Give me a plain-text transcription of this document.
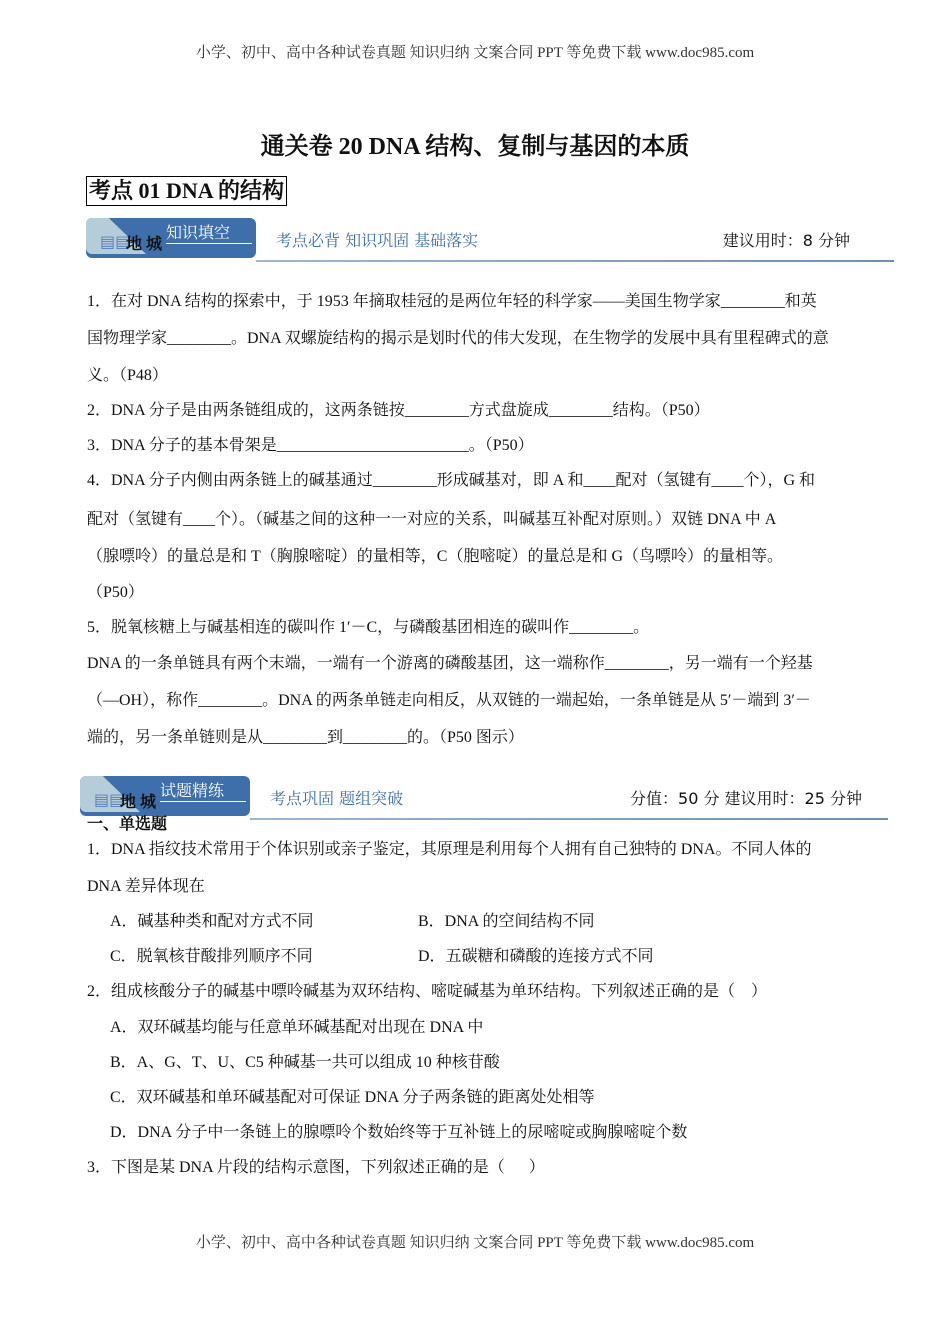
小学、初中、高中各种试卷真题 知识归纳 文案合同 PPT 等免费下载 www.doc985.com
通关卷 20 DNA 结构、复制与基因的本质
考点 01 DNA 的结构
▤▤
地 城
知识填空	考点必背 知识巩固 基础落实	建议用时：8 分钟
1．在对 DNA 结构的探索中，于 1953 年摘取桂冠的是两位年轻的科学家——美国生物学家________和英
国物理学家________。DNA 双螺旋结构的揭示是划时代的伟大发现，在生物学的发展中具有里程碑式的意
义。（P48）
2．DNA 分子是由两条链组成的，这两条链按________方式盘旋成________结构。（P50）
3．DNA 分子的基本骨架是________________________。（P50）
4．DNA 分子内侧由两条链上的碱基通过________形成碱基对，即 A 和____配对（氢键有____个），G 和
配对（氢键有____个）。（碱基之间的这种一一对应的关系，叫碱基互补配对原则。）双链 DNA 中 A
（腺嘌呤）的量总是和 T（胸腺嘧啶）的量相等，C（胞嘧啶）的量总是和 G（鸟嘌呤）的量相等。
（P50）
5．脱氧核糖上与碱基相连的碳叫作 1′－C，与磷酸基团相连的碳叫作________。
DNA 的一条单链具有两个末端，一端有一个游离的磷酸基团，这一端称作________，另一端有一个羟基
（—OH），称作________。DNA 的两条单链走向相反，从双链的一端起始，一条单链是从 5′－端到 3′－
端的，另一条单链则是从________到________的。（P50 图示）
▤▤
地 城
试题精练	考点巩固 题组突破	分值：50 分 建议用时：25 分钟
一、单选题
1．DNA 指纹技术常用于个体识别或亲子鉴定，其原理是利用每个人拥有自己独特的 DNA。不同人体的
DNA 差异体现在
A．碱基种类和配对方式不同	B．DNA 的空间结构不同
C．脱氧核苷酸排列顺序不同	D．五碳糖和磷酸的连接方式不同
2．组成核酸分子的碱基中嘌呤碱基为双环结构、嘧啶碱基为单环结构。下列叙述正确的是（    ）
A．双环碱基均能与任意单环碱基配对出现在 DNA 中
B．A、G、T、U、C5 种碱基一共可以组成 10 种核苷酸
C．双环碱基和单环碱基配对可保证 DNA 分子两条链的距离处处相等
D．DNA 分子中一条链上的腺嘌呤个数始终等于互补链上的尿嘧啶或胸腺嘧啶个数
3．下图是某 DNA 片段的结构示意图，下列叙述正确的是（      ）
小学、初中、高中各种试卷真题 知识归纳 文案合同 PPT 等免费下载 www.doc985.com
